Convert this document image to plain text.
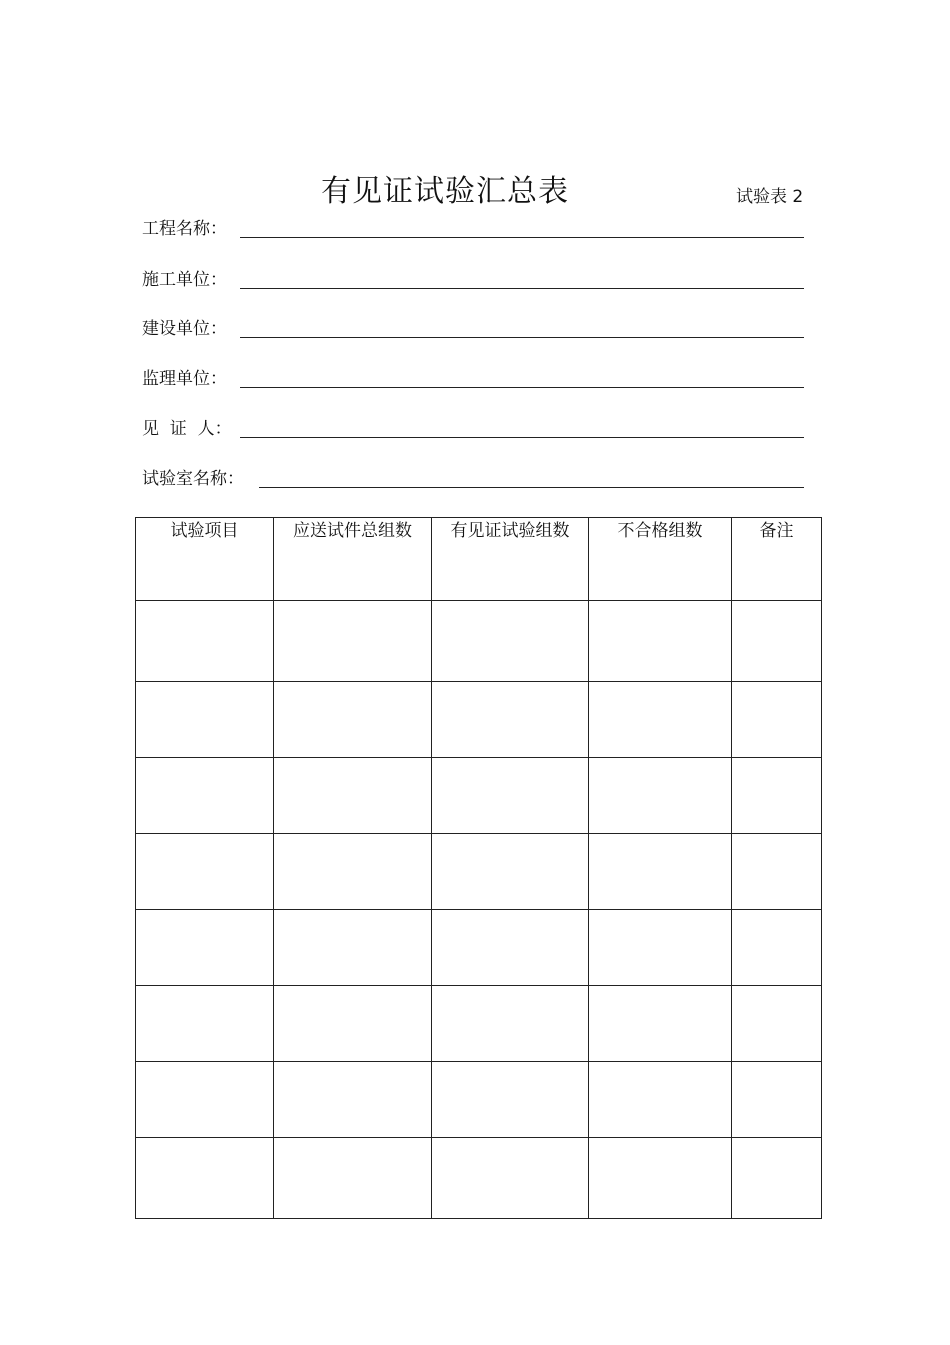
有见证试验汇总表	试验表 2
工程名称：
施工单位：
建设单位：
监理单位：
见  证  人：
试验室名称：
试验项目	应送试件总组数	有见证试验组数	不合格组数	备注
